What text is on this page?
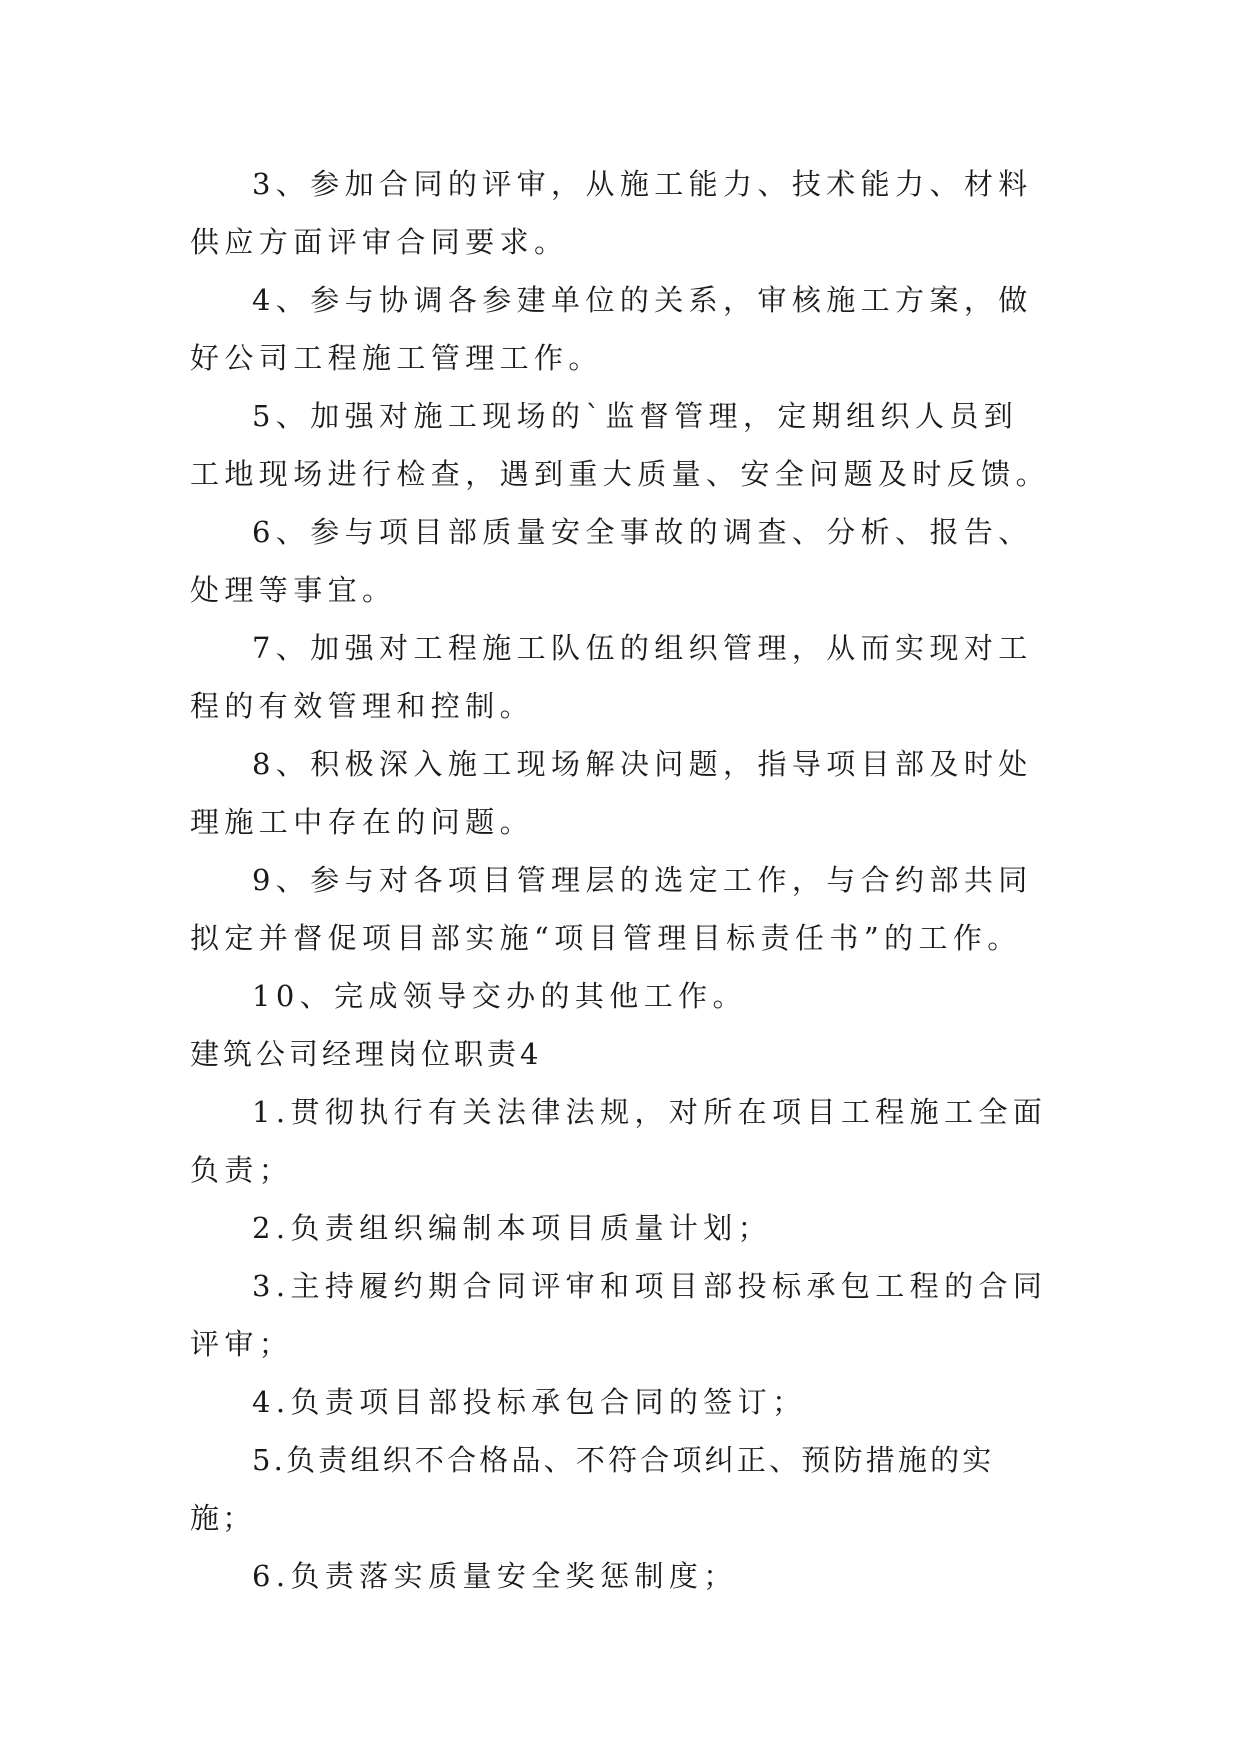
3、参加合同的评审，从施工能力、技术能力、材料供应方面评审合同要求。

4、参与协调各参建单位的关系，审核施工方案，做好公司工程施工管理工作。

5、加强对施工现场的`监督管理，定期组织人员到工地现场进行检查，遇到重大质量、安全问题及时反馈。

6、参与项目部质量安全事故的调查、分析、报告、处理等事宜。

7、加强对工程施工队伍的组织管理，从而实现对工程的有效管理和控制。

8、积极深入施工现场解决问题，指导项目部及时处理施工中存在的问题。

9、参与对各项目管理层的选定工作，与合约部共同拟定并督促项目部实施“项目管理目标责任书”的工作。

10、完成领导交办的其他工作。

建筑公司经理岗位职责4

1.贯彻执行有关法律法规，对所在项目工程施工全面负责；

2.负责组织编制本项目质量计划；

3.主持履约期合同评审和项目部投标承包工程的合同评审；

4.负责项目部投标承包合同的签订；

5.负责组织不合格品、不符合项纠正、预防措施的实施；

6.负责落实质量安全奖惩制度；
